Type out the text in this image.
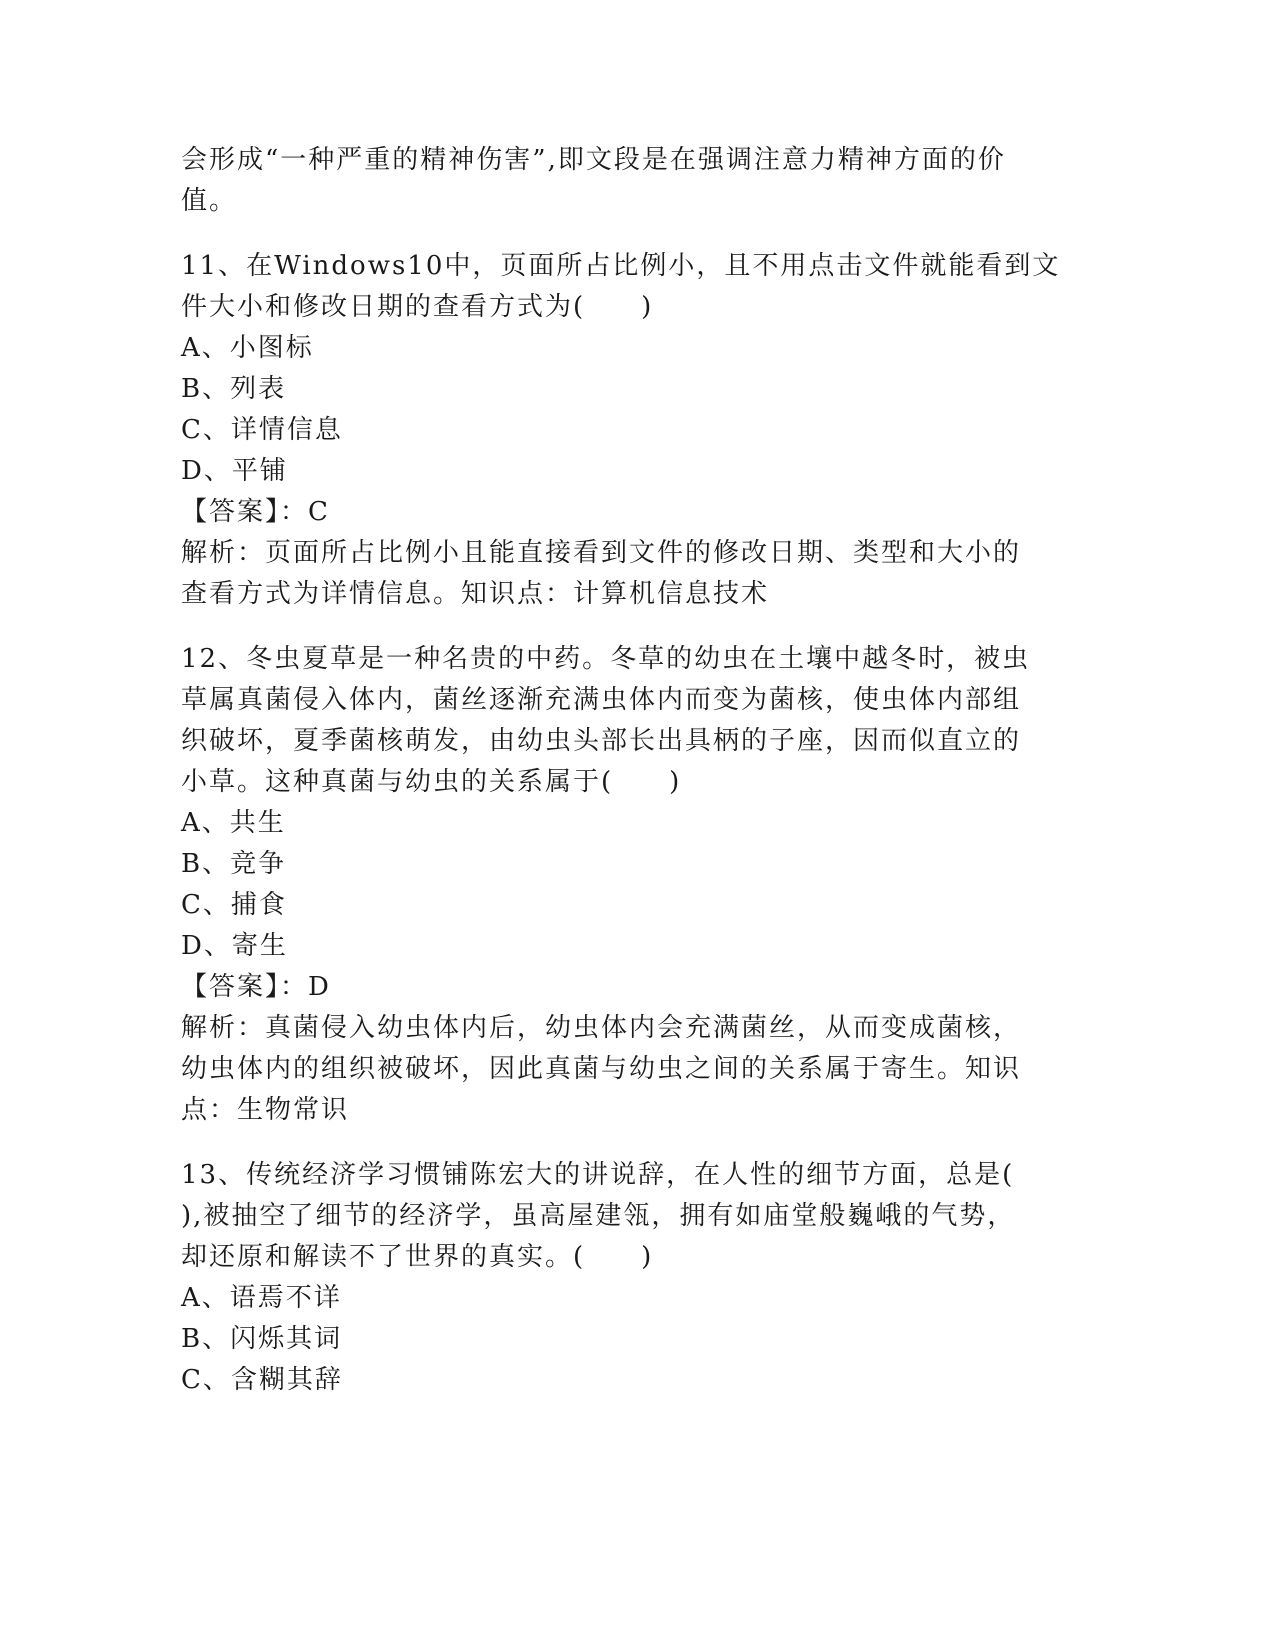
会形成“一种严重的精神伤害”,即文段是在强调注意力精神方面的价
值。
11、在Windows10中，页面所占比例小，且不用点击文件就能看到文
件大小和修改日期的查看方式为(　　)
A、小图标
B、列表
C、详情信息
D、平铺
【答案】：C
解析：页面所占比例小且能直接看到文件的修改日期、类型和大小的
查看方式为详情信息。知识点：计算机信息技术
12、冬虫夏草是一种名贵的中药。冬草的幼虫在土壤中越冬时，被虫
草属真菌侵入体内，菌丝逐渐充满虫体内而变为菌核，使虫体内部组
织破坏，夏季菌核萌发，由幼虫头部长出具柄的子座，因而似直立的
小草。这种真菌与幼虫的关系属于(　　)
A、共生
B、竞争
C、捕食
D、寄生
【答案】：D
解析：真菌侵入幼虫体内后，幼虫体内会充满菌丝，从而变成菌核，
幼虫体内的组织被破坏，因此真菌与幼虫之间的关系属于寄生。知识
点：生物常识
13、传统经济学习惯铺陈宏大的讲说辞，在人性的细节方面，总是(
),被抽空了细节的经济学，虽高屋建瓴，拥有如庙堂般巍峨的气势，
却还原和解读不了世界的真实。(　　)
A、语焉不详
B、闪烁其词
C、含糊其辞
